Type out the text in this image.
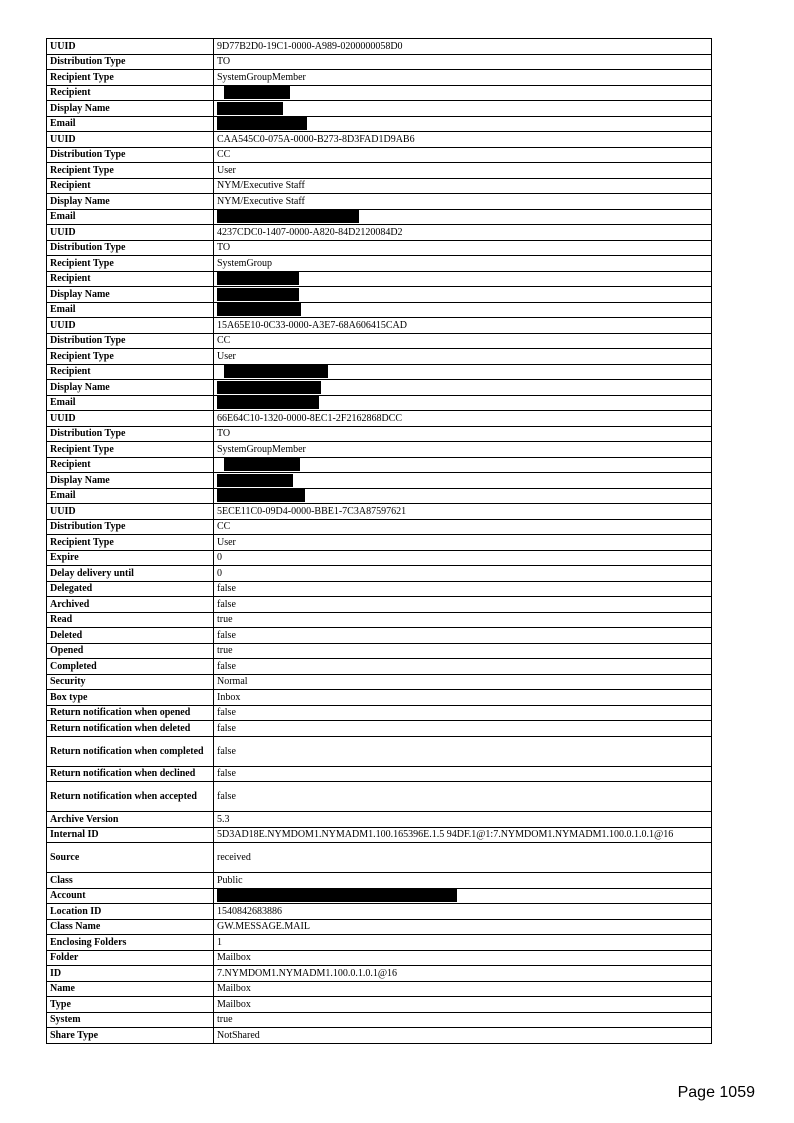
UUID	9D77B2D0-19C1-0000-A989-0200000058D0
Distribution Type	TO
Recipient Type	SystemGroupMember
Recipient	
Display Name	
Email	
UUID	CAA545C0-075A-0000-B273-8D3FAD1D9AB6
Distribution Type	CC
Recipient Type	User
Recipient	NYM/Executive Staff
Display Name	NYM/Executive Staff
Email	
UUID	4237CDC0-1407-0000-A820-84D2120084D2
Distribution Type	TO
Recipient Type	SystemGroup
Recipient	
Display Name	
Email	
UUID	15A65E10-0C33-0000-A3E7-68A606415CAD
Distribution Type	CC
Recipient Type	User
Recipient	
Display Name	
Email	
UUID	66E64C10-1320-0000-8EC1-2F2162868DCC
Distribution Type	TO
Recipient Type	SystemGroupMember
Recipient	
Display Name	
Email	
UUID	5ECE11C0-09D4-0000-BBE1-7C3A87597621
Distribution Type	CC
Recipient Type	User
Expire	0
Delay delivery until	0
Delegated	false
Archived	false
Read	true
Deleted	false
Opened	true
Completed	false
Security	Normal
Box type	Inbox
Return notification when opened	false
Return notification when deleted	false
Return notification when completed	false
Return notification when declined	false
Return notification when accepted	false
Archive Version	5.3
Internal ID	5D3AD18E.NYMDOM1.NYMADM1.100.165396E.1.5 94DF.1@1:7.NYMDOM1.NYMADM1.100.0.1.0.1@16
Source	received
Class	Public
Account	
Location ID	1540842683886
Class Name	GW.MESSAGE.MAIL
Enclosing Folders	1
Folder	Mailbox
ID	7.NYMDOM1.NYMADM1.100.0.1.0.1@16
Name	Mailbox
Type	Mailbox
System	true
Share Type	NotShared
Page 1059
